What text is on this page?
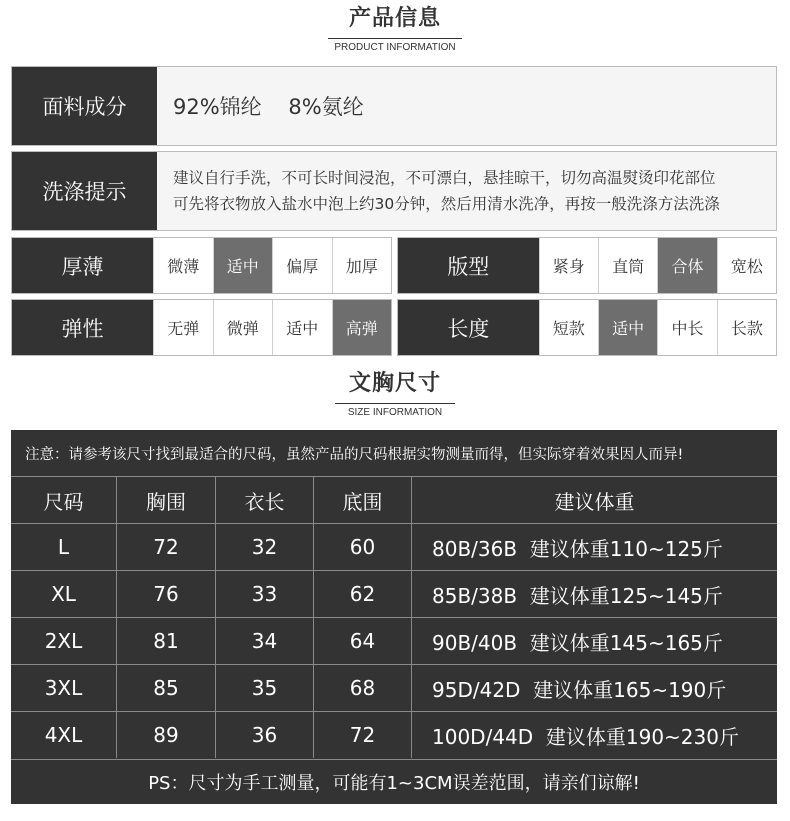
产品信息
PRODUCT INFORMATION
面料成分	92%锦纶    8%氨纶
洗涤提示
建议自行手洗，不可长时间浸泡，不可漂白，悬挂晾干，切勿高温熨烫印花部位
可先将衣物放入盐水中泡上约30分钟，然后用清水洗净，再按一般洗涤方法洗涤
厚薄	微薄	适中	偏厚	加厚	版型	紧身	直筒	合体	宽松
弹性	无弹	微弹	适中	高弹	长度	短款	适中	中长	长款
文胸尺寸
SIZE INFORMATION
注意：请参考该尺寸找到最适合的尺码，虽然产品的尺码根据实物测量而得，但实际穿着效果因人而异!
尺码	胸围	衣长	底围	建议体重
L	72	32	60	80B/36B  建议体重110~125斤
XL	76	33	62	85B/38B  建议体重125~145斤
2XL	81	34	64	90B/40B  建议体重145~165斤
3XL	85	35	68	95D/42D  建议体重165~190斤
4XL	89	36	72	100D/44D  建议体重190~230斤
PS：尺寸为手工测量，可能有1~3CM误差范围，请亲们谅解!
